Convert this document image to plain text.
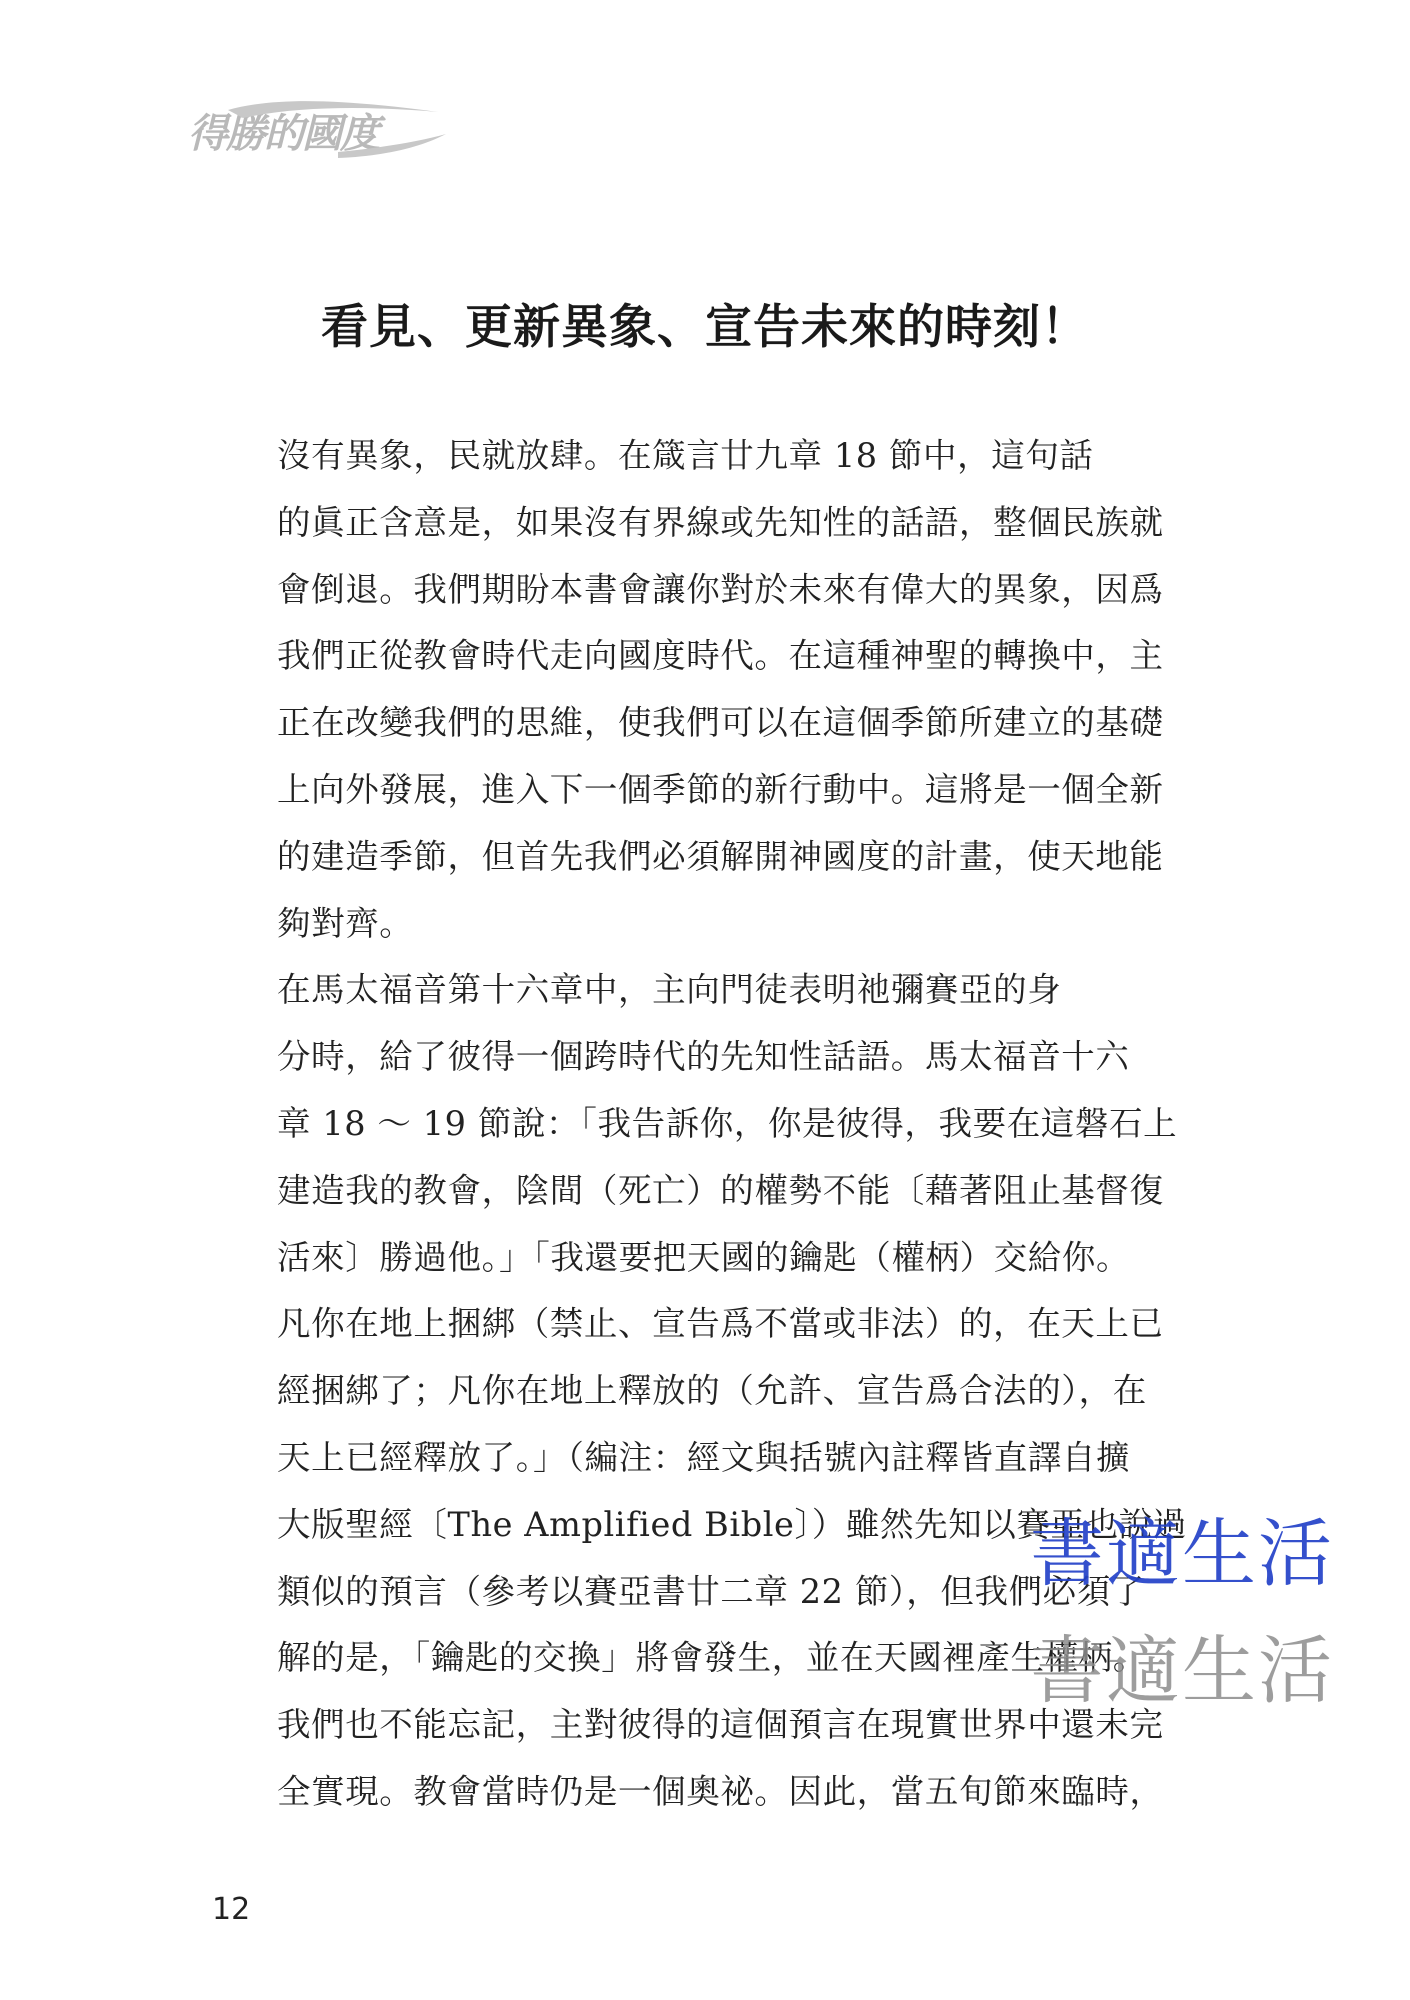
得勝的國度
看見、更新異象、宣告未來的時刻！

沒有異象，民就放肆。在箴言廿九章 18 節中，這句話
的眞正含意是，如果沒有界線或先知性的話語，整個民族就
會倒退。我們期盼本書會讓你對於未來有偉大的異象，因爲
我們正從教會時代走向國度時代。在這種神聖的轉換中，主
正在改變我們的思維，使我們可以在這個季節所建立的基礎
上向外發展，進入下一個季節的新行動中。這將是一個全新
的建造季節，但首先我們必須解開神國度的計畫，使天地能
夠對齊。

在馬太福音第十六章中，主向門徒表明祂彌賽亞的身
分時，給了彼得一個跨時代的先知性話語。馬太福音十六
章 18 ～ 19 節說：「我告訴你，你是彼得，我要在這磐石上
建造我的教會，陰間（死亡）的權勢不能〔藉著阻止基督復
活來〕勝過他。」「我還要把天國的鑰匙（權柄）交給你。
凡你在地上捆綁（禁止、宣告爲不當或非法）的，在天上已
經捆綁了；凡你在地上釋放的（允許、宣告爲合法的），在
天上已經釋放了。」（編注：經文與括號內註釋皆直譯自擴
大版聖經〔The Amplified Bible〕）雖然先知以賽亞也說過
類似的預言（參考以賽亞書廿二章 22 節），但我們必須了
解的是，「鑰匙的交換」將會發生，並在天國裡產生權柄。
我們也不能忘記，主對彼得的這個預言在現實世界中還未完
全實現。教會當時仍是一個奧祕。因此，當五旬節來臨時，

書適生活
書適生活
12
